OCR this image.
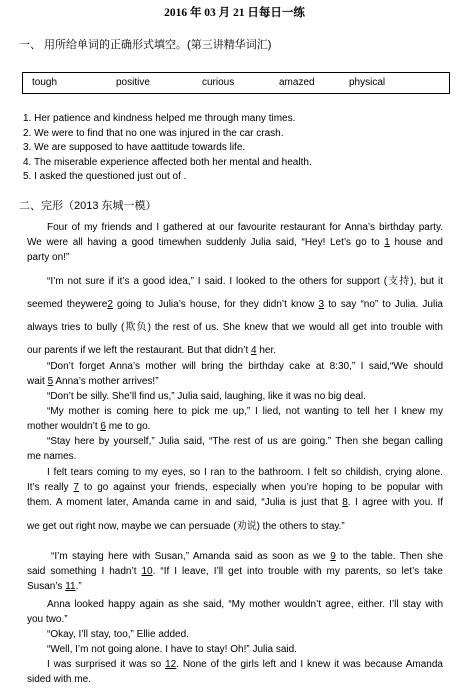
2016 年 03 月 21 日每日一练
一、 用所给单词的正确形式填空。(第三讲精华词汇)
tough	positive	curious	amazed	physical
1. Her patience and kindness helped me through many times.
2. We were to find that no one was injured in the car crash.
3. We are supposed to have aattitude towards life.
4. The miserable experience affected both her mental and health.
5. I asked the questioned just out of .
二、完形（2013 东城一模）
Four of my friends and I gathered at our favourite restaurant for Anna’s birthday party.
We were all having a good timewhen suddenly Julia said, “Hey! Let’s go to 1 house and
party on!”
“I’m not sure if it’s a good idea,” I said. I looked to the others for support (支持), but it
seemed theywere2 going to Julia’s house, for they didn’t know 3 to say “no” to Julia. Julia
always tries to bully (欺负) the rest of us. She knew that we would all get into trouble with
our parents if we left the restaurant. But that didn’t 4 her.
“Don’t forget Anna’s mother will bring the birthday cake at 8:30,” I said,“We should
wait 5 Anna’s mother arrives!”
“Don’t be silly. She’ll find us,” Julia said, laughing, like it was no big deal.
“My mother is coming here to pick me up,” I lied, not wanting to tell her I knew my
mother wouldn’t 6 me to go.
“Stay here by yourself,” Julia said, “The rest of us are going.” Then she began calling
me names.
I felt tears coming to my eyes, so I ran to the bathroom. I felt so childish, crying alone.
It’s really 7 to go against your friends, especially when you’re hoping to be popular with
them. A moment later, Amanda came in and said, “Julia is just that 8. I agree with you. If
we get out right now, maybe we can persuade (劝说) the others to stay.”
“I’m staying here with Susan,” Amanda said as soon as we 9 to the table. Then she
said something I hadn’t 10. “If I leave, I’ll get into trouble with my parents, so let’s take
Susan’s 11.”
Anna looked happy again as she said, “My mother wouldn’t agree, either. I’ll stay with
you two.”
“Okay, I’ll stay, too,” Ellie added.
“Well, I’m not going alone. I have to stay! Oh!” Julia said.
I was surprised it was so 12. None of the girls left and I knew it was because Amanda
sided with me.
